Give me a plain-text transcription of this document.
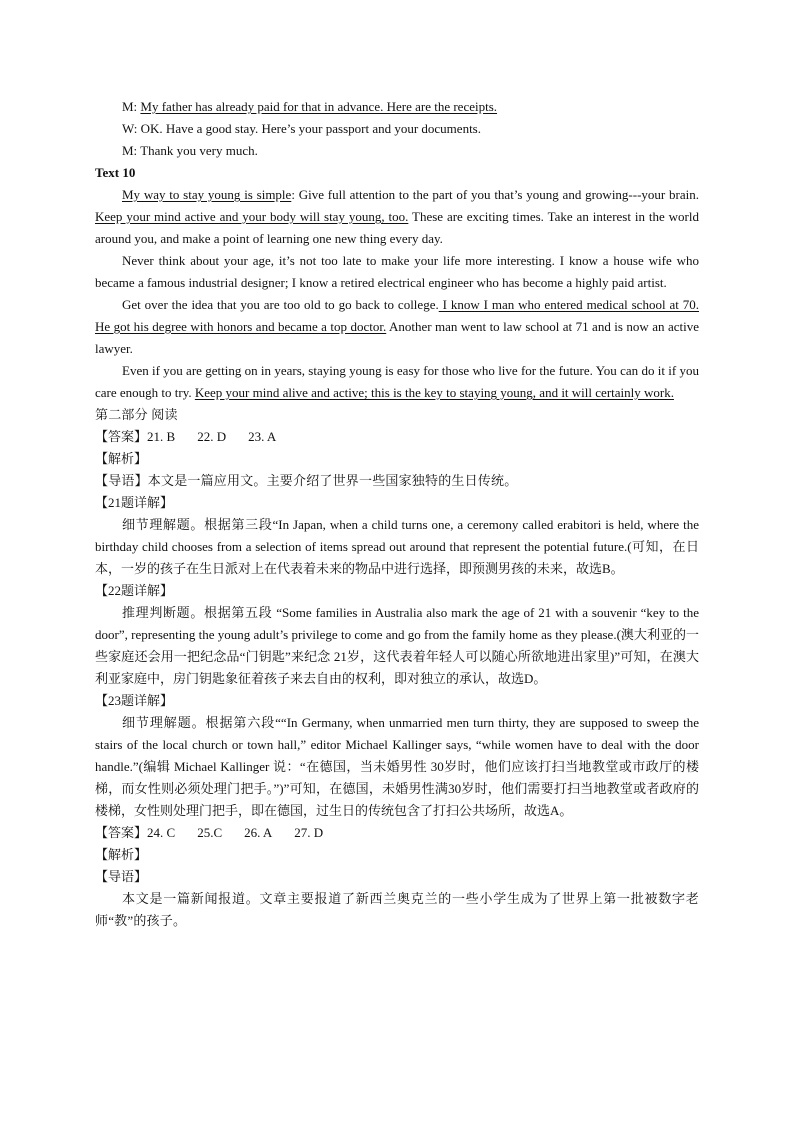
M: My father has already paid for that in advance. Here are the receipts.
W: OK. Have a good stay. Here’s your passport and your documents.
M: Thank you very much.
Text 10
My way to stay young is simple: Give full attention to the part of you that’s young and growing---your brain. Keep your mind active and your body will stay young, too. These are exciting times. Take an interest in the world around you, and make a point of learning one new thing every day.
Never think about your age, it’s not too late to make your life more interesting. I know a house wife who became a famous industrial designer; I know a retired electrical engineer who has become a highly paid artist.
Get over the idea that you are too old to go back to college. I know I man who entered medical school at 70. He got his degree with honors and became a top doctor. Another man went to law school at 71 and is now an active lawyer.
Even if you are getting on in years, staying young is easy for those who live for the future. You can do it if you care enough to try. Keep your mind alive and active; this is the key to staying young, and it will certainly work.
第二部分 阅读
【答案】21. B 22. D 23. A
【解析】
【导语】本文是一篇应用文。主要介绍了世界一些国家独特的生日传统。
【21题详解】
细节理解题。根据第三段“In Japan, when a child turns one, a ceremony called erabitori is held, where the birthday child chooses from a selection of items spread out around that represent the potential future.(可知，在日本，一岁的孩子在生日派对上在代表着未来的物品中进行选择，即预测男孩的未来，故选B。
【22题详解】
推理判断题。根据第五段 “Some families in Australia also mark the age of 21 with a souvenir “key to the door”, representing the young adult’s privilege to come and go from the family home as they please.(澳大利亚的一些家庭还会用一把纪念品“门钥匙”来纪念 21岁，这代表着年轻人可以随心所欲地进出家里)”可知，在澳大利亚家庭中，房门钥匙象征着孩子来去自由的权利，即对独立的承认，故选D。
【23题详解】
细节理解题。根据第六段““In Germany, when unmarried men turn thirty, they are supposed to sweep the stairs of the local church or town hall,” editor Michael Kallinger says, “while women have to deal with the door handle.”(编辑 Michael Kallinger 说：“在德国，当未婚男性 30岁时，他们应该打扫当地教堂或市政厅的楼梯，而女性则必须处理门把手。”)”可知，在德国，未婚男性满30岁时，他们需要打扫当地教堂或者政府的楼梯，女性则处理门把手，即在德国，过生日的传统包含了打扫公共场所，故选A。
【答案】24. C 25.C 26. A 27. D
【解析】
【导语】
本文是一篇新闻报道。文章主要报道了新西兰奥克兰的一些小学生成为了世界上第一批被数字老师“教”的孩子。
